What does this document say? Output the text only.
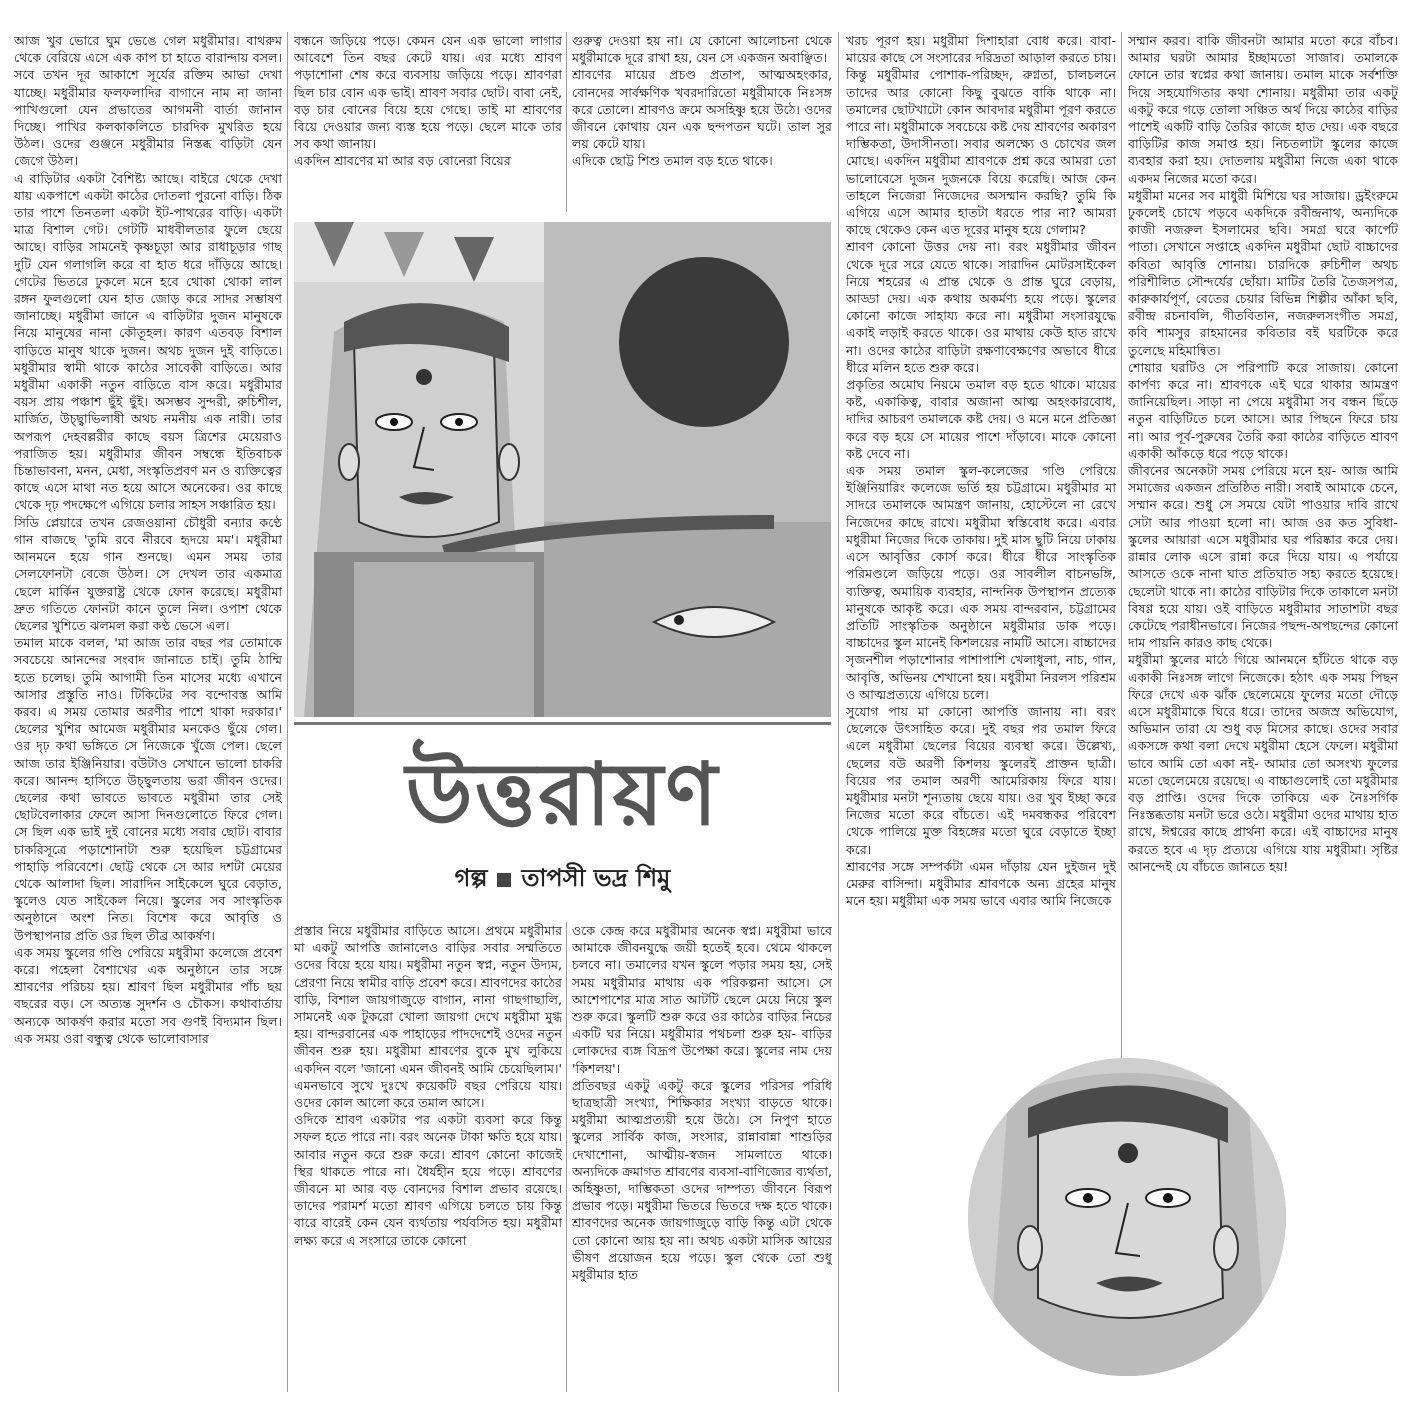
আজ খুব ভোরে ঘুম ভেঙে গেল মধুরীমার। বাথরুম থেকে বেরিয়ে এসে এক কাপ চা হাতে বারান্দায় বসল। সবে তখন দূর আকাশে সূর্যের রক্তিম আভা দেখা যাচ্ছে। মধুরীমার ফলফলাদির বাগানে নাম না জানা পাখিগুলো যেন প্রভাতের আগমনী বার্তা জানান দিচ্ছে। পাখির কলকাকলিতে চারদিক মুখরিত হয়ে উঠল। ওদের গুঞ্জনে মধুরীমার নিস্তব্ধ বাড়িটা যেন জেগে উঠল।
এ বাড়িটার একটা বৈশিষ্ট্য আছে। বাইরে থেকে দেখা যায় একপাশে একটা কাঠের দোতলা পুরনো বাড়ি। ঠিক তার পাশে তিনতলা একটা ইট-পাথরের বাড়ি। একটা মাত্র বিশাল গেট। গেটটি মাধবীলতার ফুলে ছেয়ে আছে। বাড়ির সামনেই কৃষ্ণচূড়া আর রাধাচূড়ার গাছ দুটি যেন গলাগলি করে বা হাত ধরে দাঁড়িয়ে আছে। গেটের ভিতরে ঢুকলে মনে হবে থোকা থোকা লাল রঙ্গন ফুলগুলো যেন হাত জোড় করে সাদর সম্ভাষণ জানাচ্ছে। মধুরীমা জানে এ বাড়িটার দুজন মানুষকে নিয়ে মানুষের নানা কৌতূহল। কারণ এতবড় বিশাল বাড়িতে মানুষ থাকে দুজন। অথচ দুজন দুই বাড়িতে। মধুরীমার স্বামী থাকে কাঠের সাবেকী বাড়িতে। আর মধুরীমা একাকী নতুন বাড়িতে বাস করে। মধুরীমার বয়স প্রায় পঞ্চাশ ছুঁই ছুঁই। অসম্ভব সুন্দরী, রুচিশীল, মার্জিত, উচ্ছ্বাভিলাষী অথচ নমনীয় এক নারী। তার অপরূপ দেহবল্লরীর কাছে বয়স ত্রিশের মেয়েরাও পরাজিত হয়। মধুরীমার জীবন সম্বন্ধে ইতিবাচক চিন্তাভাবনা, মনন, মেধা, সংস্কৃতিপ্রবণ মন ও ব্যক্তিত্বের কাছে এসে মাথা নত হয়ে আসে অনেকের। ওর কাছে থেকে দৃঢ় পদক্ষেপে এগিয়ে চলার সাহস সঞ্চারিত হয়।
সিডি প্লেয়ারে তখন রেজওয়ানা চৌধুরী বন্যার কণ্ঠে গান বাজছে 'তুমি রবে নীরবে হৃদয়ে মম'। মধুরীমা আনমনে হয়ে গান শুনছে। এমন সময় তার সেলফোনটা বেজে উঠল। সে দেখল তার একমাত্র ছেলে মার্কিন যুক্তরাষ্ট্র থেকে ফোন করেছে। মধুরীমা দ্রুত গতিতে ফোনটা কানে তুলে নিল। ওপাশ থেকে ছেলের খুশিতে ঝলমল করা কণ্ঠ ভেসে এল।
তমাল মাকে বলল, 'মা আজ তার বছর পর তোমাকে সবচেয়ে আনন্দের সংবাদ জানাতে চাই। তুমি ঠাম্মি হতে চলেছ। তুমি আগামী তিন মাসের মধ্যে এখানে আসার প্রস্তুতি নাও। টিকিটের সব বন্দোবস্ত আমি করব। এ সময় তোমার অরণীর পাশে থাকা দরকার।' ছেলের খুশির আমেজ মধুরীমার মনকেও ছুঁয়ে গেল। ওর দৃঢ় কথা ভঙ্গিতে সে নিজেকে খুঁজে পেল। ছেলে আজ তার ইঞ্জিনিয়ার। বউটাও সেখানে ভালো চাকরি করে। আনন্দ হাসিতে উচ্ছ্বলতায় ভরা জীবন ওদের। ছেলের কথা ভাবতে ভাবতে মধুরীমা তার সেই ছোটবেলাকার ফেলে আসা দিনগুলোতে ফিরে গেল। সে ছিল এক ভাই দুই বোনের মধ্যে সবার ছোট। বাবার চাকরিসূত্রে পড়াশোনাটা শুরু হয়েছিল চট্টগ্রামের পাহাড়ি পরিবেশে। ছোট্ট থেকে সে আর দশটা মেয়ের থেকে আলাদা ছিল। সারাদিন সাইকেলে ঘুরে বেড়াত, স্কুলেও যেত সাইকেল নিয়ে। স্কুলের সব সাংস্কৃতিক অনুষ্ঠানে অংশ নিত। বিশেষ করে আবৃত্তি ও উপস্থাপনার প্রতি ওর ছিল তীব্র আকর্ষণ।
এক সময় স্কুলের গণ্ডি পেরিয়ে মধুরীমা কলেজে প্রবেশ করে। পহেলা বৈশাখের এক অনুষ্ঠানে তার সঙ্গে শ্রাবণের পরিচয় হয়। শ্রাবণ ছিল মধুরীমার পাঁচ ছয় বছরের বড়। সে অত্যন্ত সুদর্শন ও চৌকস। কথাবার্তায় অন্যকে আকর্ষণ করার মতো সব গুণই বিদ্যমান ছিল। এক সময় ওরা বন্ধুত্ব থেকে ভালোবাসার
বন্ধনে জড়িয়ে পড়ে। কেমন যেন এক ভালো লাগার আবেশে তিন বছর কেটে যায়। এর মধ্যে শ্রাবণ পড়াশোনা শেষ করে ব্যবসায় জড়িয়ে পড়ে। শ্রাবণরা ছিল চার বোন এক ভাই। শ্রাবণ সবার ছোট। বাবা নেই, বড় চার বোনের বিয়ে হয়ে গেছে। তাই মা শ্রাবণের বিয়ে দেওয়ার জন্য ব্যস্ত হয়ে পড়ে। ছেলে মাকে তার সব কথা জানায়।
একদিন শ্রাবণের মা আর বড় বোনেরা বিয়ের
গুরুত্ব দেওয়া হয় না। যে কোনো আলোচনা থেকে মধুরীমাকে দূরে রাখা হয়, যেন সে একজন অবাঞ্ছিত।
শ্রাবণের মায়ের প্রচণ্ড প্রতাপ, আত্মঅহংকার, বোনদের সার্বক্ষণিক খবরদারিতো মধুরীমাকে নিঃসঙ্গ করে তোলে। শ্রাবণও ক্রমে অসহিষ্ণু হয়ে উঠে। ওদের জীবনে কোথায় যেন এক ছন্দপতন ঘটে। তাল সুর লয় কেটে যায়।
এদিকে ছোট্ট শিশু তমাল বড় হতে থাকে।
উত্তরায়ণ
গল্প তাপসী ভদ্র শিমু
প্রস্তাব নিয়ে মধুরীমার বাড়িতে আসে। প্রথমে মধুরীমার মা একটু আপত্তি জানালেও বাড়ির সবার সম্মতিতে ওদের বিয়ে হয়ে যায়। মধুরীমা নতুন স্বপ্ন, নতুন উদ্যম, প্রেরণা নিয়ে স্বামীর বাড়ি প্রবেশ করে। শ্রাবণদের কাঠের বাড়ি, বিশাল জায়গাজুড়ে বাগান, নানা গাছগাছালি, সামনেই এক টুকরো খোলা জায়গা দেখে মধুরীমা মুগ্ধ হয়। বান্দরবানের এক পাহাড়ের পাদদেশেই ওদের নতুন জীবন শুরু হয়। মধুরীমা শ্রাবণের বুকে মুখ লুকিয়ে একদিন বলে 'জানো এমন জীবনই আমি চেয়েছিলাম।' এমনভাবে সুখে দুঃখে কয়েকটি বছর পেরিয়ে যায়। ওদের কোল আলো করে তমাল আসে।
ওদিকে শ্রাবণ একটার পর একটা ব্যবসা করে কিন্তু সফল হতে পারে না। বরং অনেক টাকা ক্ষতি হয়ে যায়। আবার নতুন করে শুরু করে। শ্রাবণ কোনো কাজেই স্থির থাকতে পারে না। ধৈর্যহীন হয়ে পড়ে। শ্রাবণের জীবনে মা আর বড় বোনদের বিশাল প্রভাব রয়েছে। তাদের পরামর্শ মতো শ্রাবণ এগিয়ে চলতে চায় কিন্তু বারে বারেই কেন যেন ব্যর্থতায় পর্যবসিত হয়। মধুরীমা লক্ষ্য করে এ সংসারে তাকে কোনো
ওকে কেন্দ্র করে মধুরীমার অনেক স্বপ্ন। মধুরীমা ভাবে আমাকে জীবনযুদ্ধে জয়ী হতেই হবে। থেমে থাকলে চলবে না। তমালের যখন স্কুলে পড়ার সময় হয়, সেই সময় মধুরীমার মাথায় এক পরিকল্পনা আসে। সে আশেপাশের মাত্র সাত আটটি ছেলে মেয়ে নিয়ে স্কুল শুরু করে। স্কুলটি শুরু করে ওর কাঠের বাড়ির নিচের একটি ঘর নিয়ে। মধুরীমার পথচলা শুরু হয়- বাড়ির লোকদের ব্যঙ্গ বিদ্রূপ উপেক্ষা করে। স্কুলের নাম দেয় 'কিশলয়'।
প্রতিবছর একটু একটু করে স্কুলের পরিসর পরিধি ছাত্রছাত্রী সংখ্যা, শিক্ষিকার সংখ্যা বাড়তে থাকে। মধুরীমা আত্মপ্রত্যয়ী হয়ে উঠে। সে নিপুণ হাতে স্কুলের সার্বিক কাজ, সংসার, রান্নাবান্না শাশুড়ির দেখাশোনা, আত্মীয়-স্বজন সামলাতে থাকে। অন্যদিকে ক্রমাগত শ্রাবণের ব্যবসা-বাণিজ্যের ব্যর্থতা, অহিষ্ণুতা, দাম্ভিকতা ওদের দাম্পত্য জীবনে বিরূপ প্রভাব পড়ে। মধুরীমা ভিতরে ভিতরে দক্ষ হতে থাকে। শ্রাবণদের অনেক জায়গাজুড়ে বাড়ি কিন্তু এটা থেকে তো কোনো আয় হয় না। অথচ একটা মাসিক আয়ের ভীষণ প্রয়োজন হয়ে পড়ে। স্কুল থেকে তো শুধু মধুরীমার হাত
খরচ পূরণ হয়। মধুরীমা দিশাহারা বোধ করে। বাবা-মায়ের কাছে সে সংসারের দরিদ্রতা আড়াল করতে চায়। কিন্তু মধুরীমার পোশাক-পরিচ্ছদ, রুগ্নতা, চালচলনে তাদের আর কোনো কিছু বুঝতে বাকি থাকে না। তমালের ছোটখাটো কোন আবদার মধুরীমা পূরণ করতে পারে না। মধুরীমাকে সবচেয়ে কষ্ট দেয় শ্রাবণের অকারণ দাম্ভিকতা, উদাসীনতা। সবার অলক্ষ্যে ও চোখের জল মোছে। একদিন মধুরীমা শ্রাবণকে প্রশ্ন করে আমরা তো ভালোবেসে দুজন দুজনকে বিয়ে করেছি। আজ কেন তাহলে নিজেরা নিজেদের অসম্মান করছি? তুমি কি এগিয়ে এসে আমার হাতটা ধরতে পার না? আমরা কাছে থেকেও কেন এত দূরের মানুষ হয়ে গেলাম?
শ্রাবণ কোনো উত্তর দেয় না। বরং মধুরীমার জীবন থেকে দূরে সরে যেতে থাকে। সারাদিন মোটরসাইকেল নিয়ে শহরের এ প্রান্ত থেকে ও প্রান্ত ঘুরে বেড়ায়, আড্ডা দেয়। এক কথায় অকর্মণ্য হয়ে পড়ে। স্কুলের কোনো কাজে সাহায্য করে না। মধুরীমা সংসারযুদ্ধে একাই লড়াই করতে থাকে। ওর মাথায় কেউ হাত রাখে না। ওদের কাঠের বাড়িটা রক্ষণাবেক্ষণের অভাবে ধীরে ধীরে মলিন হতে শুরু করে।
প্রকৃতির অমোঘ নিয়মে তমাল বড় হতে থাকে। মায়ের কষ্ট, একাকিত্ব, বাবার অজানা আত্ম অহংকারবোধ, দাদির আচরণ তমালকে কষ্ট দেয়। ও মনে মনে প্রতিজ্ঞা করে বড় হয়ে সে মায়ের পাশে দাঁড়াবে। মাকে কোনো কষ্ট দেবে না।
এক সময় তমাল স্কুল-কলেজের গণ্ডি পেরিয়ে ইঞ্জিনিয়ারিং কলেজে ভর্তি হয় চট্টগ্রামে। মধুরীমার মা সাদরে তমালকে আমন্ত্রণ জানায়, হোস্টেলে না রেখে নিজেদের কাছে রাখে। মধুরীমা স্বস্তিবোধ করে। এবার মধুরীমা নিজের দিকে তাকায়। দুই মাস ছুটি নিয়ে ঢাকায় এসে আবৃত্তির কোর্স করে। ধীরে ধীরে সাংস্কৃতিক পরিমণ্ডলে জড়িয়ে পড়ে। ওর সাবলীল বাচনভঙ্গি, ব্যক্তিত্ব, অমায়িক ব্যবহার, নান্দনিক উপস্থাপন প্রত্যেক মানুষকে আকৃষ্ট করে। এক সময় বান্দরবান, চট্টগ্রামের প্রতিটি সাংস্কৃতিক অনুষ্ঠানে মধুরীমার ডাক পড়ে। বাচ্চাদের স্কুল মানেই কিশলয়ের নামটি আসে। বাচ্চাদের সৃজনশীল পড়াশোনার পাশাপাশি খেলাধুলা, নাচ, গান, আবৃত্তি, অভিনয় শেখানো হয়। মধুরীমা নিরলস পরিশ্রম ও আত্মপ্রত্যয়ে এগিয়ে চলে।
সুযোগ পায় মা কোনো আপত্তি জানায় না। বরং ছেলেকে উৎসাহিত করে। দুই বছর পর তমাল ফিরে এলে মধুরীমা ছেলের বিয়ের ব্যবস্থা করে। উল্লেখ্য, ছেলের বউ অরণী কিশলয় স্কুলেরই প্রাক্তন ছাত্রী। বিয়ের পর তমাল অরণী আমেরিকায় ফিরে যায়। মধুরীমার মনটা শূন্যতায় ছেয়ে যায়। ওর খুব ইচ্ছা করে নিজের মতো করে বাঁচতে। এই দমবন্ধকর পরিবেশ থেকে পালিয়ে মুক্ত বিহঙ্গের মতো ঘুরে বেড়াতে ইচ্ছা করে।
শ্রাবণের সঙ্গে সম্পর্কটা এমন দাঁড়ায় যেন দুইজন দুই মেরুর বাসিন্দা। মধুরীমার শ্রাবণকে অন্য গ্রহের মানুষ মনে হয়। মধুরীমা এক সময় ভাবে এবার আমি নিজেকে
সম্মান করব। বাকি জীবনটা আমার মতো করে বাঁচব। আমার ঘরটা আমার ইচ্ছামতো সাজাব। তমালকে ফোনে তার স্বপ্নের কথা জানায়। তমাল মাকে সর্বশক্তি দিয়ে সহযোগিতার কথা শোনায়। মধুরীমা তার একটু একটু করে গড়ে তোলা সঞ্চিত অর্থ দিয়ে কাঠের বাড়ির পাশেই একটি বাড়ি তৈরির কাজে হাত দেয়। এক বছরে বাড়িটির কাজ সমাপ্ত হয়। নিচতলাটা স্কুলের কাজে ব্যবহার করা হয়। দোতলায় মধুরীমা নিজে একা থাকে একদম নিজের মতো করে।
মধুরীমা মনের সব মাধুরী মিশিয়ে ঘর সাজায়। ড্রইংরুমে ঢুকলেই চোখে পড়বে একদিকে রবীন্দ্রনাথ, অন্যদিকে কাজী নজরুল ইসলামের ছবি। সমগ্র ঘরে কার্পেট পাতা। সেখানে সপ্তাহে একদিন মধুরীমা ছোট বাচ্চাদের কবিতা আবৃত্তি শোনায়। চারদিকে রুচিশীল অথচ পরিশীলিত সৌন্দর্যের ছোঁয়া। মাটির তৈরি তৈজসপত্র, কারুকার্যপূর্ণ, বেতের চেয়ার বিভিন্ন শিল্পীর আঁকা ছবি, রবীন্দ্র রচনাবলি, গীতবিতান, নজরুলসংগীত সমগ্র, কবি শামসুর রাহমানের কবিতার বই ঘরটিকে করে তুলেছে মহিমান্বিত।
শোয়ার ঘরটিও সে পরিপাটি করে সাজায়। কোনো কার্পণ্য করে না। শ্রাবণকে এই ঘরে থাকার আমন্ত্রণ জানিয়েছিল। সাড়া না পেয়ে মধুরীমা সব বন্ধন ছিঁড়ে নতুন বাড়িটিতে চলে আসে। আর পিছনে ফিরে চায় না। আর পূর্ব-পুরুষের তৈরি করা কাঠের বাড়িতে শ্রাবণ একাকী আঁকড়ে ধরে পড়ে থাকে।
জীবনের অনেকটা সময় পেরিয়ে মনে হয়- আজ আমি সমাজের একজন প্রতিষ্ঠিত নারী। সবাই আমাকে চেনে, সম্মান করে। শুধু সে সময়ে যেটা পাওয়ার দাবি রাখে সেটা আর পাওয়া হলো না। আজ ওর কত সুবিধা-স্কুলের আয়ারা এসে মধুরীমার ঘর পরিষ্কার করে দেয়। রান্নার লোক এসে রান্না করে দিয়ে যায়। এ পর্যায়ে আসতে ওকে নানা ঘাত প্রতিঘাত সহ্য করতে হয়েছে। ছেলেটা থাকে না। কাঠের বাড়িটার দিকে তাকালে মনটা বিষণ্ণ হয়ে যায়। ওই বাড়িতে মধুরীমার সাতাশটা বছর কেটেছে পরাধীনভাবে। নিজের পছন্দ-অপছন্দের কোনো দাম পায়নি কারও কাছ থেকে।
মধুরীমা স্কুলের মাঠে গিয়ে আনমনে হাঁটতে থাকে বড় একাকী নিঃসঙ্গ লাগে নিজেকে। হঠাৎ এক সময় পিছন ফিরে দেখে এক ঝাঁক ছেলেমেয়ে ফুলের মতো দৌড়ে এসে মধুরীমাকে ঘিরে ধরে। তাদের অজস্র অভিযোগ, অভিমান তারা যে শুধু বড় মিসের কাছে। ওদের সবার একসঙ্গে কথা বলা দেখে মধুরীমা হেসে ফেলে। মধুরীমা ভাবে আমি তো একা নই- আমার তো অসংখ্য ফুলের মতো ছেলেমেয়ে রয়েছে। এ বাচ্চাগুলোই তো মধুরীমার বড় প্রাপ্তি। ওদের দিকে তাকিয়ে এক নৈঃসর্গিক নিঃস্তব্ধতায় মনটা ভরে ওঠে। মধুরীমা ওদের মাথায় হাত রাখে, ঈশ্বরের কাছে প্রার্থনা করে। এই বাচ্চাদের মানুষ করতে হবে এ দৃঢ় প্রত্যয়ে এগিয়ে যায় মধুরীমা। সৃষ্টির আনন্দেই যে বাঁচতে জানতে হয়!
